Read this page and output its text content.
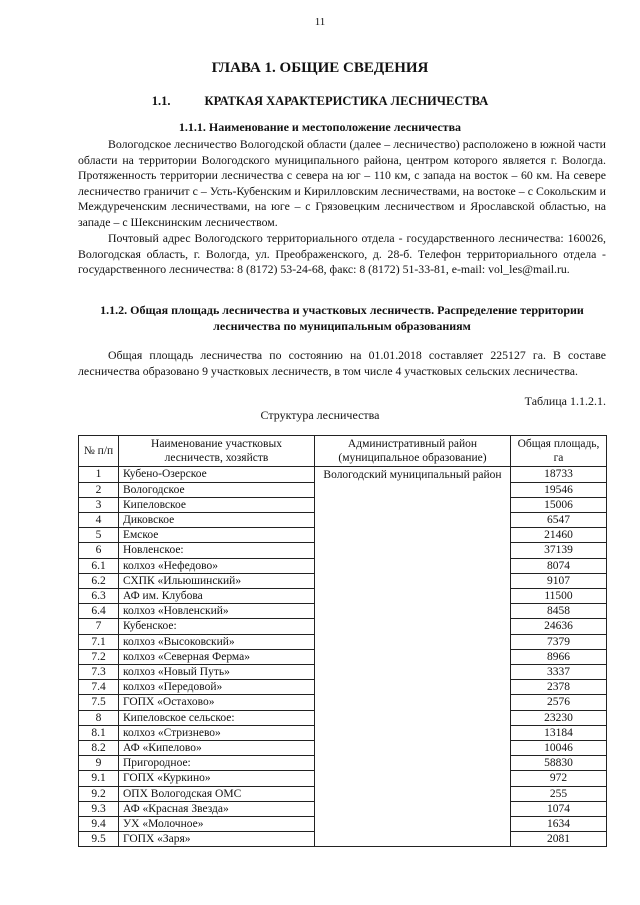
11
ГЛАВА 1. ОБЩИЕ СВЕДЕНИЯ
1.1.	КРАТКАЯ ХАРАКТЕРИСТИКА ЛЕСНИЧЕСТВА
1.1.1. Наименование и местоположение лесничества

Вологодское лесничество Вологодской области (далее – лесничество) расположено в южной части области на территории Вологодского муниципального района, центром которого является г. Вологда. Протяженность территории лесничества с севера на юг – 110 км, с запада на восток – 60 км. На севере лесничество граничит с – Усть-Кубенским и Кирилловским лесничествами, на востоке – с Сокольским и Междуреченским лесничествами, на юге – с Грязовецким лесничеством и Ярославской областью, на западе – с Шекснинским лесничеством.

Почтовый адрес Вологодского территориального отдела - государственного лесничества: 160026, Вологодская область, г. Вологда, ул. Преображенского, д. 28-б. Телефон территориального отдела - государственного лесничества: 8 (8172) 53-24-68, факс: 8 (8172) 51-33-81, e-mail: vol_les@mail.ru.

1.1.2. Общая площадь лесничества и участковых лесничеств. Распределение территории лесничества по муниципальным образованиям

Общая площадь лесничества по состоянию на 01.01.2018 составляет 225127 га. В составе лесничества образовано 9 участковых лесничеств, в том числе 4 участковых сельских лесничества.

Таблица 1.1.2.1.
Структура лесничества
№ п/п	Наименование участковых лесничеств, хозяйств	Административный район (муниципальное образование)	Общая площадь, га
1	Кубено-Озерское	Вологодский муниципальный район	18733
2	Вологодское		19546
3	Кипеловское		15006
4	Диковское		6547
5	Емское		21460
6	Новленское:		37139
6.1	колхоз «Нефедово»		8074
6.2	СХПК «Ильюшинский»		9107
6.3	АФ им. Клубова		11500
6.4	колхоз «Новленский»		8458
7	Кубенское:		24636
7.1	колхоз «Высоковский»		7379
7.2	колхоз «Северная Ферма»		8966
7.3	колхоз «Новый Путь»		3337
7.4	колхоз «Передовой»		2378
7.5	ГОПХ «Остахово»		2576
8	Кипеловское сельское:		23230
8.1	колхоз «Стризнево»		13184
8.2	АФ «Кипелово»		10046
9	Пригородное:		58830
9.1	ГОПХ «Куркино»		972
9.2	ОПХ Вологодская ОМС		255
9.3	АФ «Красная Звезда»		1074
9.4	УХ «Молочное»		1634
9.5	ГОПХ «Заря»		2081
